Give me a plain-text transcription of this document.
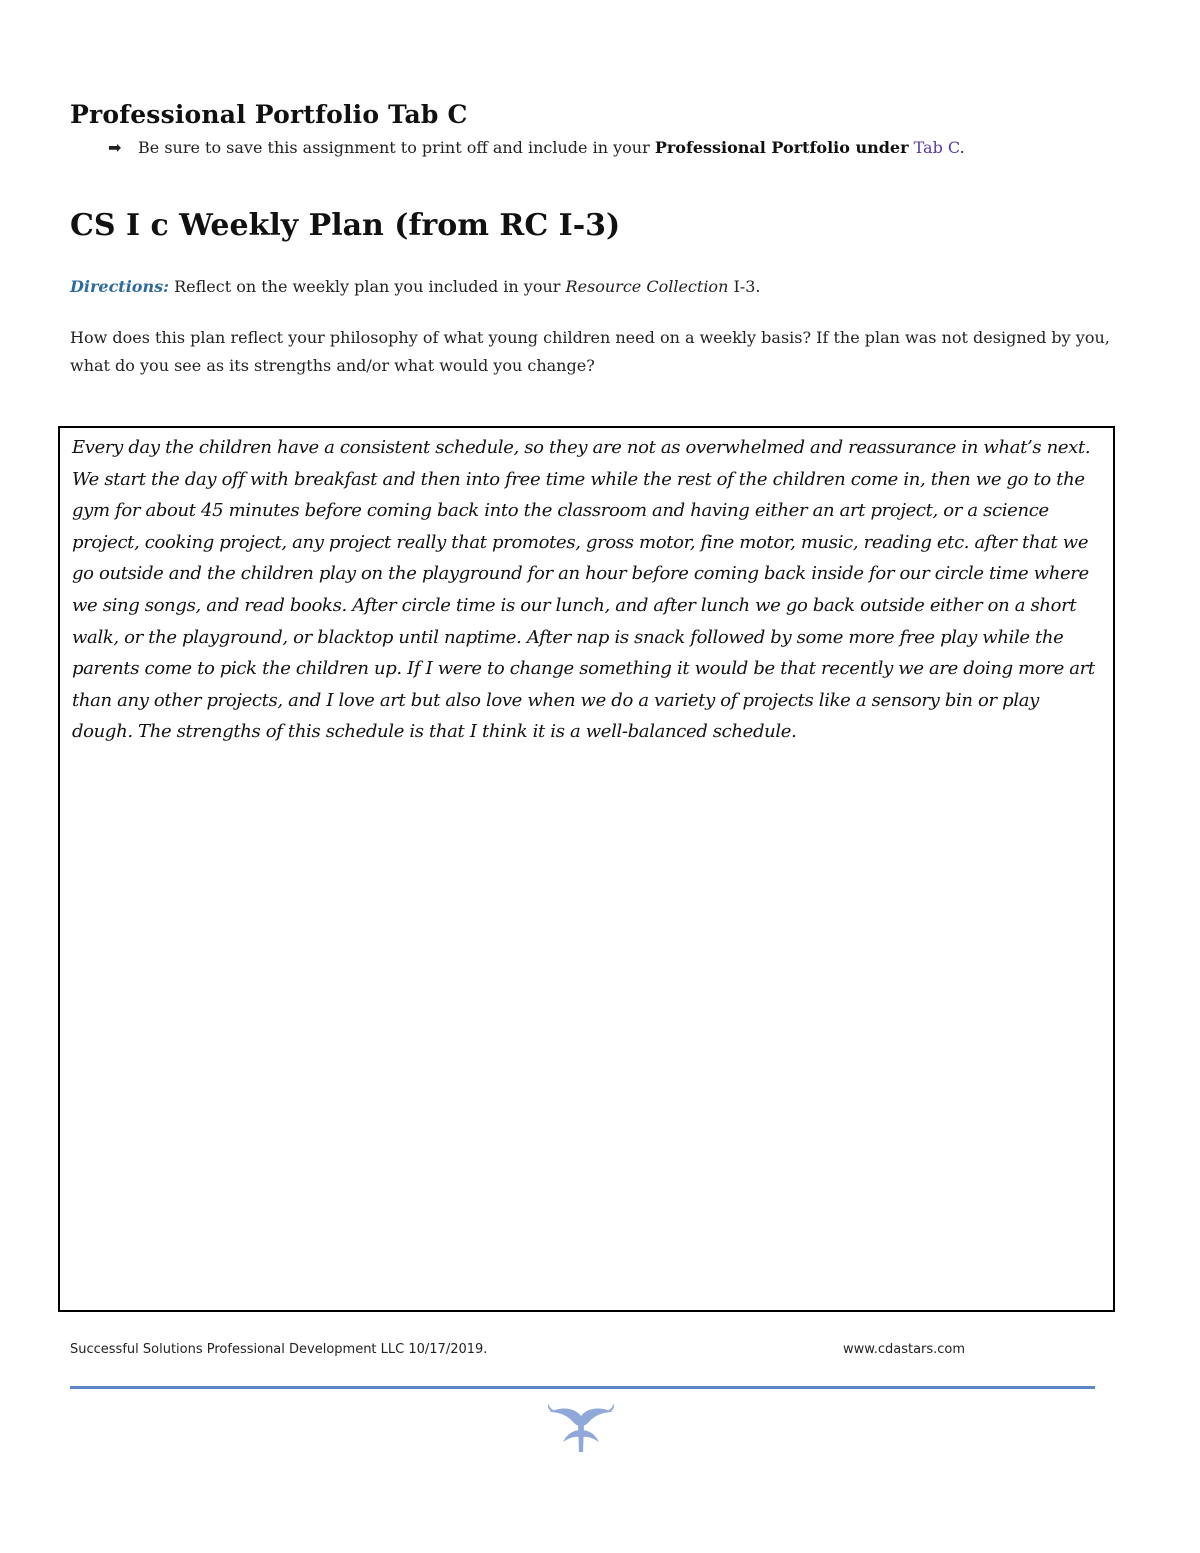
Professional Portfolio Tab C
➡ Be sure to save this assignment to print off and include in your Professional Portfolio under Tab C.
CS I c Weekly Plan (from RC I-3)
Directions: Reflect on the weekly plan you included in your Resource Collection I-3.

How does this plan reflect your philosophy of what young children need on a weekly basis? If the plan was not designed by you, what do you see as its strengths and/or what would you change?

Every day the children have a consistent schedule, so they are not as overwhelmed and reassurance in what’s next. We start the day off with breakfast and then into free time while the rest of the children come in, then we go to the gym for about 45 minutes before coming back into the classroom and having either an art project, or a science project, cooking project, any project really that promotes, gross motor, fine motor, music, reading etc. after that we go outside and the children play on the playground for an hour before coming back inside for our circle time where we sing songs, and read books. After circle time is our lunch, and after lunch we go back outside either on a short walk, or the playground, or blacktop until naptime. After nap is snack followed by some more free play while the parents come to pick the children up. If I were to change something it would be that recently we are doing more art than any other projects, and I love art but also love when we do a variety of projects like a sensory bin or play dough. The strengths of this schedule is that I think it is a well-balanced schedule.

Successful Solutions Professional Development LLC 10/17/2019.	www.cdastars.com
